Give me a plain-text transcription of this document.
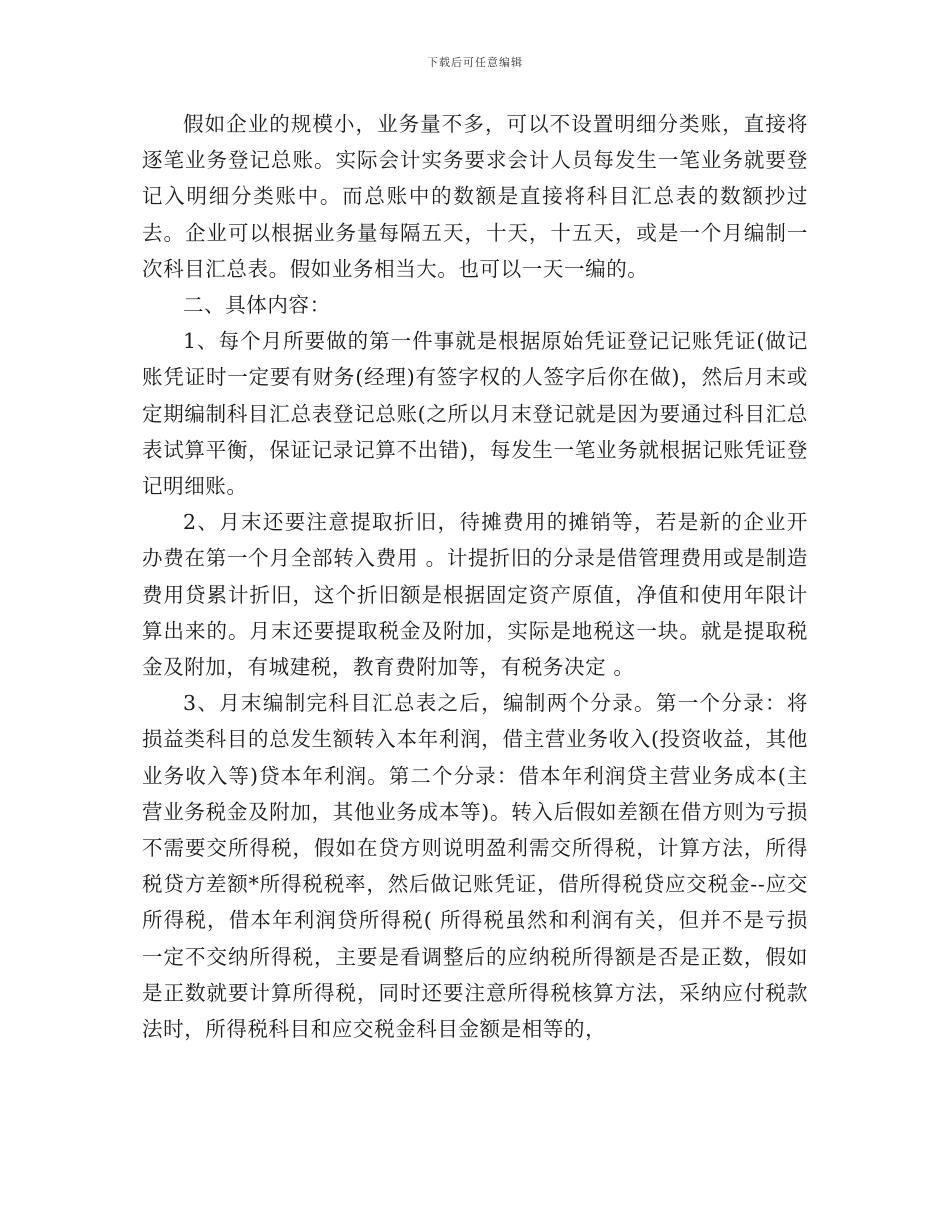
下载后可任意编辑

假如企业的规模小，业务量不多，可以不设置明细分类账，直接将逐笔业务登记总账。实际会计实务要求会计人员每发生一笔业务就要登记入明细分类账中。而总账中的数额是直接将科目汇总表的数额抄过去。企业可以根据业务量每隔五天，十天，十五天，或是一个月编制一次科目汇总表。假如业务相当大。也可以一天一编的。

二、具体内容：

1、每个月所要做的第一件事就是根据原始凭证登记记账凭证(做记账凭证时一定要有财务(经理)有签字权的人签字后你在做)，然后月末或定期编制科目汇总表登记总账(之所以月末登记就是因为要通过科目汇总表试算平衡，保证记录记算不出错)，每发生一笔业务就根据记账凭证登记明细账。

2、月末还要注意提取折旧，待摊费用的摊销等，若是新的企业开办费在第一个月全部转入费用 。计提折旧的分录是借管理费用或是制造费用贷累计折旧，这个折旧额是根据固定资产原值，净值和使用年限计算出来的。月末还要提取税金及附加，实际是地税这一块。就是提取税金及附加，有城建税，教育费附加等，有税务决定 。

3、月末编制完科目汇总表之后，编制两个分录。第一个分录：将损益类科目的总发生额转入本年利润，借主营业务收入(投资收益，其他业务收入等)贷本年利润。第二个分录：借本年利润贷主营业务成本(主营业务税金及附加，其他业务成本等)。转入后假如差额在借方则为亏损不需要交所得税，假如在贷方则说明盈利需交所得税，计算方法，所得税贷方差额*所得税税率，然后做记账凭证，借所得税贷应交税金--应交所得税，借本年利润贷所得税( 所得税虽然和利润有关，但并不是亏损一定不交纳所得税，主要是看调整后的应纳税所得额是否是正数，假如是正数就要计算所得税，同时还要注意所得税核算方法，采纳应付税款法时，所得税科目和应交税金科目金额是相等的，
